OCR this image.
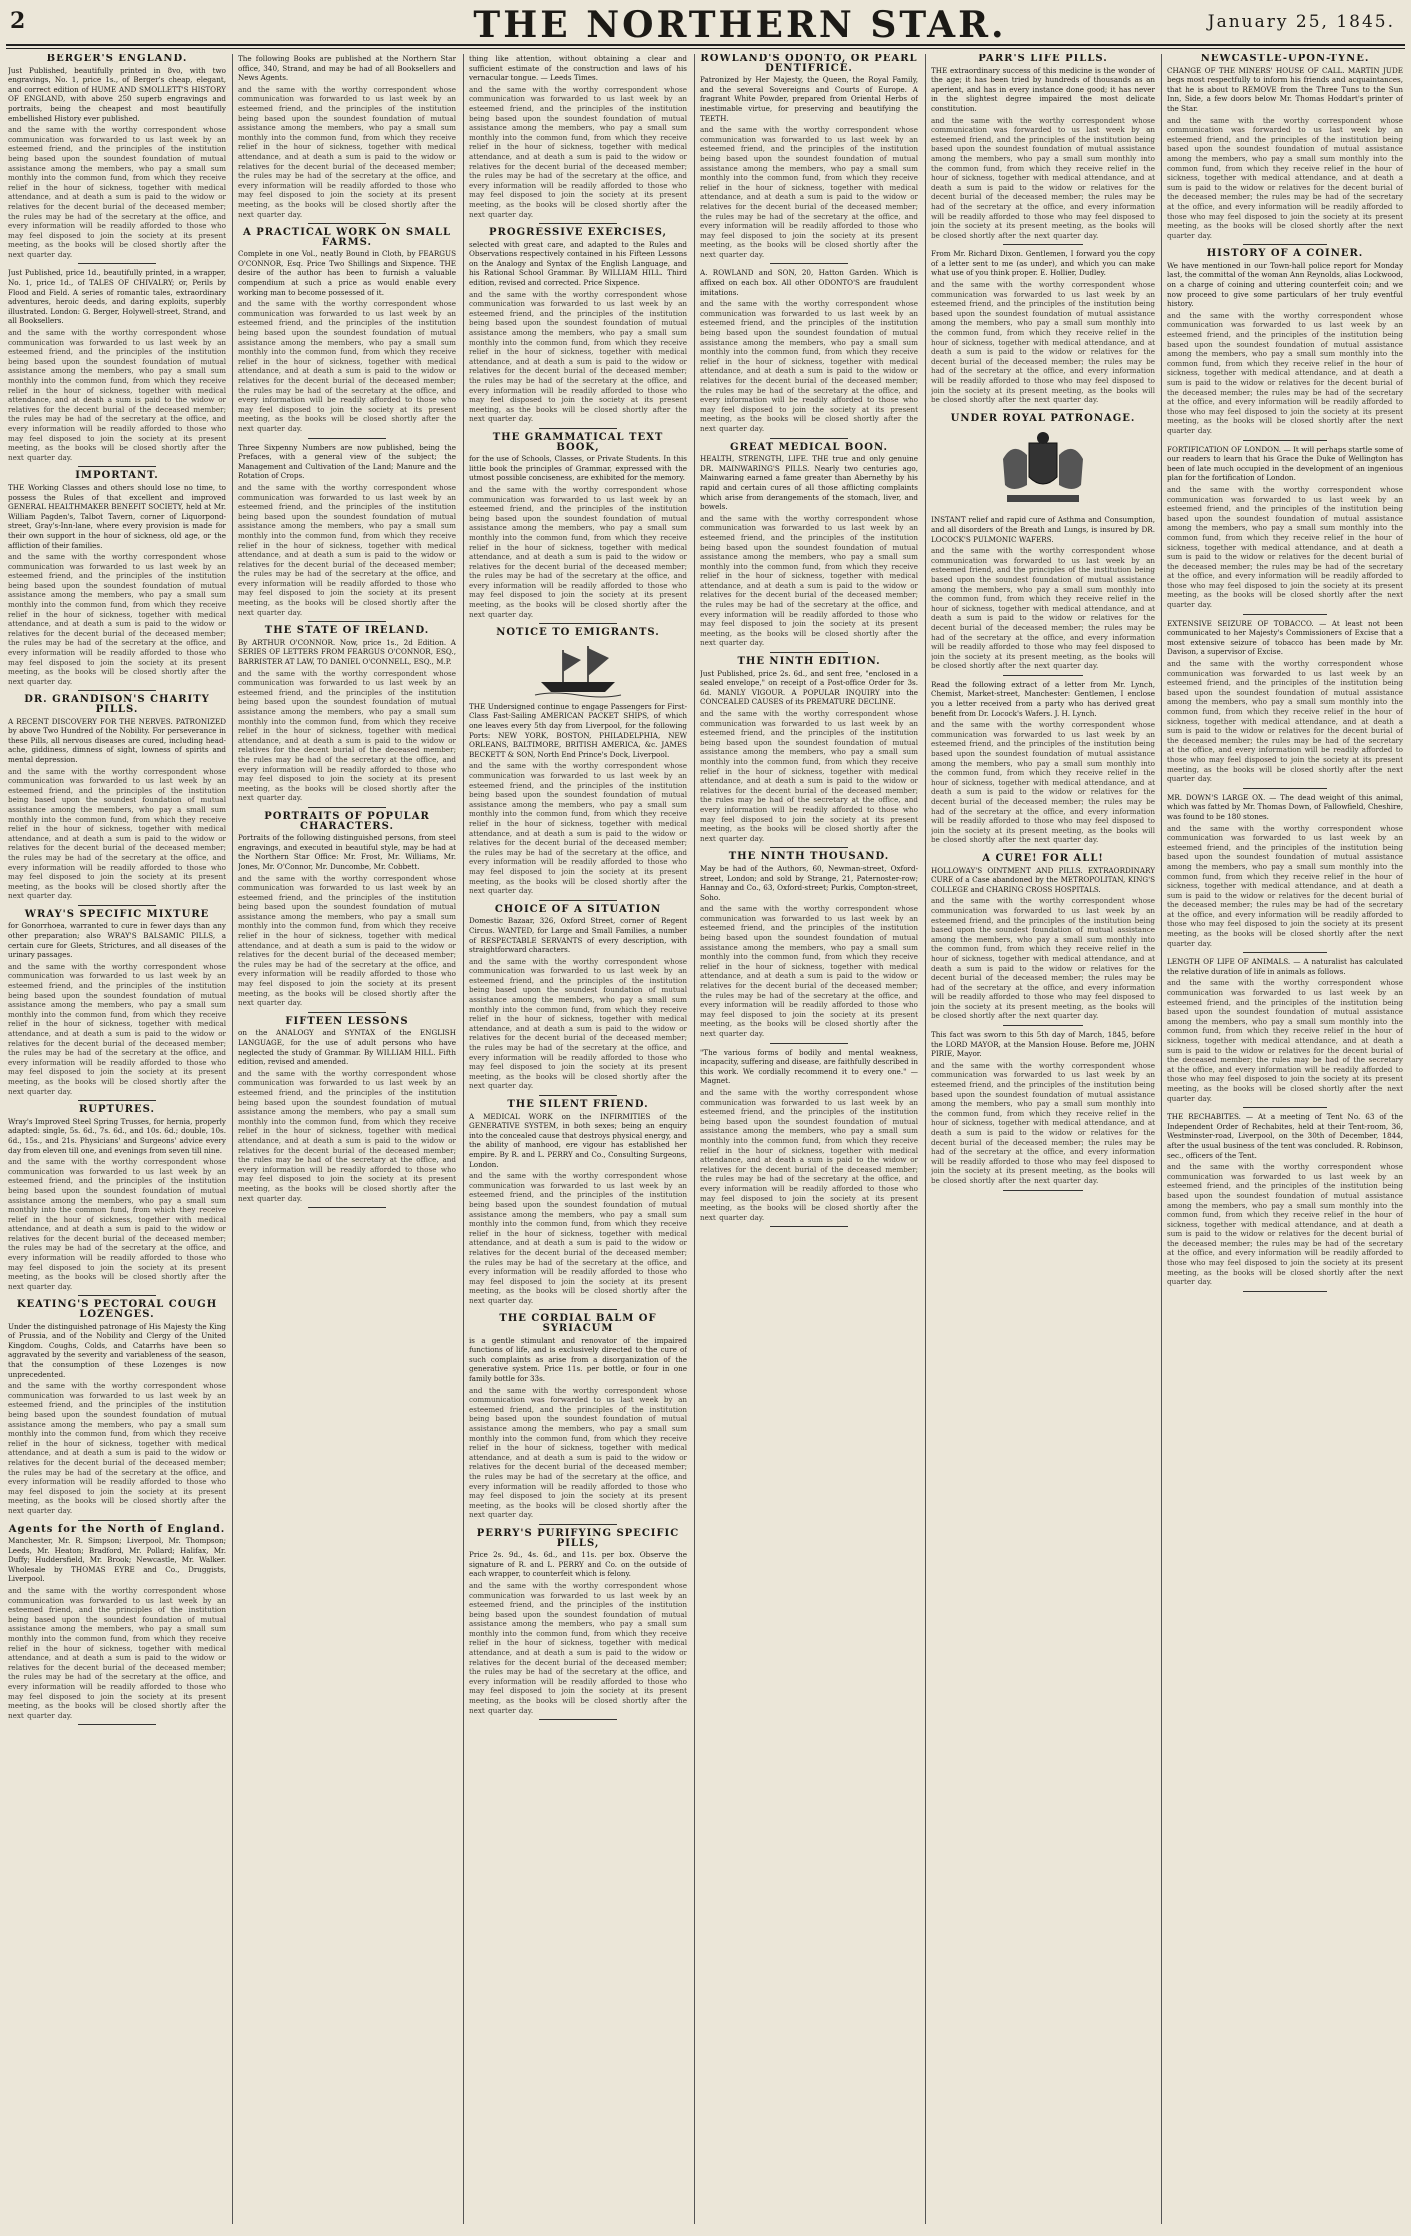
2	THE NORTHERN STAR.	January 25, 1845.
BERGER'S ENGLAND.

Just Published, beautifully printed in 8vo, with two engravings, No. 1, price 1s., of Berger's cheap, elegant, and correct edition of HUME AND SMOLLETT'S HISTORY OF ENGLAND, with above 250 superb engravings and portraits, being the cheapest and most beautifully embellished History ever published.

and the same with the worthy correspondent whose communication was forwarded to us last week by an esteemed friend, and the principles of the institution being based upon the soundest foundation of mutual assistance among the members, who pay a small sum monthly into the common fund, from which they receive relief in the hour of sickness, together with medical attendance, and at death a sum is paid to the widow or relatives for the decent burial of the deceased member; the rules may be had of the secretary at the office, and every information will be readily afforded to those who may feel disposed to join the society at its present meeting, as the books will be closed shortly after the next quarter day.

Just Published, price 1d., beautifully printed, in a wrapper, No. 1, price 1d., of TALES OF CHIVALRY; or, Perils by Flood and Field. A series of romantic tales, extraordinary adventures, heroic deeds, and daring exploits, superbly illustrated. London: G. Berger, Holywell-street, Strand, and all Booksellers.

and the same with the worthy correspondent whose communication was forwarded to us last week by an esteemed friend, and the principles of the institution being based upon the soundest foundation of mutual assistance among the members, who pay a small sum monthly into the common fund, from which they receive relief in the hour of sickness, together with medical attendance, and at death a sum is paid to the widow or relatives for the decent burial of the deceased member; the rules may be had of the secretary at the office, and every information will be readily afforded to those who may feel disposed to join the society at its present meeting, as the books will be closed shortly after the next quarter day.

IMPORTANT.

THE Working Classes and others should lose no time, to possess the Rules of that excellent and improved GENERAL HEALTHMAKER BENEFIT SOCIETY, held at Mr. William Pagden's, Talbot Tavern, corner of Liquorpond-street, Gray's-Inn-lane, where every provision is made for their own support in the hour of sickness, old age, or the affliction of their families.

and the same with the worthy correspondent whose communication was forwarded to us last week by an esteemed friend, and the principles of the institution being based upon the soundest foundation of mutual assistance among the members, who pay a small sum monthly into the common fund, from which they receive relief in the hour of sickness, together with medical attendance, and at death a sum is paid to the widow or relatives for the decent burial of the deceased member; the rules may be had of the secretary at the office, and every information will be readily afforded to those who may feel disposed to join the society at its present meeting, as the books will be closed shortly after the next quarter day.

DR. GRANDISON'S CHARITY PILLS.

A RECENT DISCOVERY FOR THE NERVES. PATRONIZED by above Two Hundred of the Nobility. For perseverance in these Pills, all nervous diseases are cured, including head-ache, giddiness, dimness of sight, lowness of spirits and mental depression.

and the same with the worthy correspondent whose communication was forwarded to us last week by an esteemed friend, and the principles of the institution being based upon the soundest foundation of mutual assistance among the members, who pay a small sum monthly into the common fund, from which they receive relief in the hour of sickness, together with medical attendance, and at death a sum is paid to the widow or relatives for the decent burial of the deceased member; the rules may be had of the secretary at the office, and every information will be readily afforded to those who may feel disposed to join the society at its present meeting, as the books will be closed shortly after the next quarter day.

WRAY'S SPECIFIC MIXTURE

for Gonorrhoea, warranted to cure in fewer days than any other preparation; also WRAY'S BALSAMIC PILLS, a certain cure for Gleets, Strictures, and all diseases of the urinary passages.

and the same with the worthy correspondent whose communication was forwarded to us last week by an esteemed friend, and the principles of the institution being based upon the soundest foundation of mutual assistance among the members, who pay a small sum monthly into the common fund, from which they receive relief in the hour of sickness, together with medical attendance, and at death a sum is paid to the widow or relatives for the decent burial of the deceased member; the rules may be had of the secretary at the office, and every information will be readily afforded to those who may feel disposed to join the society at its present meeting, as the books will be closed shortly after the next quarter day.

RUPTURES.

Wray's Improved Steel Spring Trusses, for hernia, properly adapted: single, 5s. 6d., 7s. 6d., and 10s. 6d.; double, 10s. 6d., 15s., and 21s. Physicians' and Surgeons' advice every day from eleven till one, and evenings from seven till nine.

and the same with the worthy correspondent whose communication was forwarded to us last week by an esteemed friend, and the principles of the institution being based upon the soundest foundation of mutual assistance among the members, who pay a small sum monthly into the common fund, from which they receive relief in the hour of sickness, together with medical attendance, and at death a sum is paid to the widow or relatives for the decent burial of the deceased member; the rules may be had of the secretary at the office, and every information will be readily afforded to those who may feel disposed to join the society at its present meeting, as the books will be closed shortly after the next quarter day.

KEATING'S PECTORAL COUGH LOZENGES.

Under the distinguished patronage of His Majesty the King of Prussia, and of the Nobility and Clergy of the United Kingdom. Coughs, Colds, and Catarrhs have been so aggravated by the severity and variableness of the season, that the consumption of these Lozenges is now unprecedented.

and the same with the worthy correspondent whose communication was forwarded to us last week by an esteemed friend, and the principles of the institution being based upon the soundest foundation of mutual assistance among the members, who pay a small sum monthly into the common fund, from which they receive relief in the hour of sickness, together with medical attendance, and at death a sum is paid to the widow or relatives for the decent burial of the deceased member; the rules may be had of the secretary at the office, and every information will be readily afforded to those who may feel disposed to join the society at its present meeting, as the books will be closed shortly after the next quarter day.

Agents for the North of England.

Manchester, Mr. R. Simpson; Liverpool, Mr. Thompson; Leeds, Mr. Heaton; Bradford, Mr. Pollard; Halifax, Mr. Duffy; Huddersfield, Mr. Brook; Newcastle, Mr. Walker. Wholesale by THOMAS EYRE and Co., Druggists, Liverpool.

and the same with the worthy correspondent whose communication was forwarded to us last week by an esteemed friend, and the principles of the institution being based upon the soundest foundation of mutual assistance among the members, who pay a small sum monthly into the common fund, from which they receive relief in the hour of sickness, together with medical attendance, and at death a sum is paid to the widow or relatives for the decent burial of the deceased member; the rules may be had of the secretary at the office, and every information will be readily afforded to those who may feel disposed to join the society at its present meeting, as the books will be closed shortly after the next quarter day.

The following Books are published at the Northern Star office, 340, Strand, and may be had of all Booksellers and News Agents.

and the same with the worthy correspondent whose communication was forwarded to us last week by an esteemed friend, and the principles of the institution being based upon the soundest foundation of mutual assistance among the members, who pay a small sum monthly into the common fund, from which they receive relief in the hour of sickness, together with medical attendance, and at death a sum is paid to the widow or relatives for the decent burial of the deceased member; the rules may be had of the secretary at the office, and every information will be readily afforded to those who may feel disposed to join the society at its present meeting, as the books will be closed shortly after the next quarter day.

A PRACTICAL WORK ON SMALL FARMS.

Complete in one Vol., neatly Bound in Cloth, by FEARGUS O'CONNOR, Esq. Price Two Shillings and Sixpence. THE desire of the author has been to furnish a valuable compendium at such a price as would enable every working man to become possessed of it.

and the same with the worthy correspondent whose communication was forwarded to us last week by an esteemed friend, and the principles of the institution being based upon the soundest foundation of mutual assistance among the members, who pay a small sum monthly into the common fund, from which they receive relief in the hour of sickness, together with medical attendance, and at death a sum is paid to the widow or relatives for the decent burial of the deceased member; the rules may be had of the secretary at the office, and every information will be readily afforded to those who may feel disposed to join the society at its present meeting, as the books will be closed shortly after the next quarter day.

Three Sixpenny Numbers are now published, being the Prefaces, with a general view of the subject; the Management and Cultivation of the Land; Manure and the Rotation of Crops.

and the same with the worthy correspondent whose communication was forwarded to us last week by an esteemed friend, and the principles of the institution being based upon the soundest foundation of mutual assistance among the members, who pay a small sum monthly into the common fund, from which they receive relief in the hour of sickness, together with medical attendance, and at death a sum is paid to the widow or relatives for the decent burial of the deceased member; the rules may be had of the secretary at the office, and every information will be readily afforded to those who may feel disposed to join the society at its present meeting, as the books will be closed shortly after the next quarter day.

THE STATE OF IRELAND.

By ARTHUR O'CONNOR. Now, price 1s., 2d Edition. A SERIES OF LETTERS FROM FEARGUS O'CONNOR, ESQ., BARRISTER AT LAW, TO DANIEL O'CONNELL, ESQ., M.P.

and the same with the worthy correspondent whose communication was forwarded to us last week by an esteemed friend, and the principles of the institution being based upon the soundest foundation of mutual assistance among the members, who pay a small sum monthly into the common fund, from which they receive relief in the hour of sickness, together with medical attendance, and at death a sum is paid to the widow or relatives for the decent burial of the deceased member; the rules may be had of the secretary at the office, and every information will be readily afforded to those who may feel disposed to join the society at its present meeting, as the books will be closed shortly after the next quarter day.

PORTRAITS OF POPULAR CHARACTERS.

Portraits of the following distinguished persons, from steel engravings, and executed in beautiful style, may be had at the Northern Star Office: Mr. Frost, Mr. Williams, Mr. Jones, Mr. O'Connor, Mr. Duncombe, Mr. Cobbett.

and the same with the worthy correspondent whose communication was forwarded to us last week by an esteemed friend, and the principles of the institution being based upon the soundest foundation of mutual assistance among the members, who pay a small sum monthly into the common fund, from which they receive relief in the hour of sickness, together with medical attendance, and at death a sum is paid to the widow or relatives for the decent burial of the deceased member; the rules may be had of the secretary at the office, and every information will be readily afforded to those who may feel disposed to join the society at its present meeting, as the books will be closed shortly after the next quarter day.

FIFTEEN LESSONS

on the ANALOGY and SYNTAX of the ENGLISH LANGUAGE, for the use of adult persons who have neglected the study of Grammar. By WILLIAM HILL. Fifth edition, revised and amended.

and the same with the worthy correspondent whose communication was forwarded to us last week by an esteemed friend, and the principles of the institution being based upon the soundest foundation of mutual assistance among the members, who pay a small sum monthly into the common fund, from which they receive relief in the hour of sickness, together with medical attendance, and at death a sum is paid to the widow or relatives for the decent burial of the deceased member; the rules may be had of the secretary at the office, and every information will be readily afforded to those who may feel disposed to join the society at its present meeting, as the books will be closed shortly after the next quarter day.

thing like attention, without obtaining a clear and sufficient estimate of the construction and laws of his vernacular tongue. — Leeds Times.

and the same with the worthy correspondent whose communication was forwarded to us last week by an esteemed friend, and the principles of the institution being based upon the soundest foundation of mutual assistance among the members, who pay a small sum monthly into the common fund, from which they receive relief in the hour of sickness, together with medical attendance, and at death a sum is paid to the widow or relatives for the decent burial of the deceased member; the rules may be had of the secretary at the office, and every information will be readily afforded to those who may feel disposed to join the society at its present meeting, as the books will be closed shortly after the next quarter day.

PROGRESSIVE EXERCISES,

selected with great care, and adapted to the Rules and Observations respectively contained in his Fifteen Lessons on the Analogy and Syntax of the English Language, and his Rational School Grammar. By WILLIAM HILL. Third edition, revised and corrected. Price Sixpence.

and the same with the worthy correspondent whose communication was forwarded to us last week by an esteemed friend, and the principles of the institution being based upon the soundest foundation of mutual assistance among the members, who pay a small sum monthly into the common fund, from which they receive relief in the hour of sickness, together with medical attendance, and at death a sum is paid to the widow or relatives for the decent burial of the deceased member; the rules may be had of the secretary at the office, and every information will be readily afforded to those who may feel disposed to join the society at its present meeting, as the books will be closed shortly after the next quarter day.

THE GRAMMATICAL TEXT BOOK,

for the use of Schools, Classes, or Private Students. In this little book the principles of Grammar, expressed with the utmost possible conciseness, are exhibited for the memory.

and the same with the worthy correspondent whose communication was forwarded to us last week by an esteemed friend, and the principles of the institution being based upon the soundest foundation of mutual assistance among the members, who pay a small sum monthly into the common fund, from which they receive relief in the hour of sickness, together with medical attendance, and at death a sum is paid to the widow or relatives for the decent burial of the deceased member; the rules may be had of the secretary at the office, and every information will be readily afforded to those who may feel disposed to join the society at its present meeting, as the books will be closed shortly after the next quarter day.

NOTICE TO EMIGRANTS.

THE Undersigned continue to engage Passengers for First-Class Fast-Sailing AMERICAN PACKET SHIPS, of which one leaves every 5th day from Liverpool, for the following Ports: NEW YORK, BOSTON, PHILADELPHIA, NEW ORLEANS, BALTIMORE, BRITISH AMERICA, &c. JAMES BECKETT & SON, North End Prince's Dock, Liverpool.

and the same with the worthy correspondent whose communication was forwarded to us last week by an esteemed friend, and the principles of the institution being based upon the soundest foundation of mutual assistance among the members, who pay a small sum monthly into the common fund, from which they receive relief in the hour of sickness, together with medical attendance, and at death a sum is paid to the widow or relatives for the decent burial of the deceased member; the rules may be had of the secretary at the office, and every information will be readily afforded to those who may feel disposed to join the society at its present meeting, as the books will be closed shortly after the next quarter day.

CHOICE OF A SITUATION

Domestic Bazaar, 326, Oxford Street, corner of Regent Circus. WANTED, for Large and Small Families, a number of RESPECTABLE SERVANTS of every description, with straightforward characters.

and the same with the worthy correspondent whose communication was forwarded to us last week by an esteemed friend, and the principles of the institution being based upon the soundest foundation of mutual assistance among the members, who pay a small sum monthly into the common fund, from which they receive relief in the hour of sickness, together with medical attendance, and at death a sum is paid to the widow or relatives for the decent burial of the deceased member; the rules may be had of the secretary at the office, and every information will be readily afforded to those who may feel disposed to join the society at its present meeting, as the books will be closed shortly after the next quarter day.

THE SILENT FRIEND.

A MEDICAL WORK on the INFIRMITIES of the GENERATIVE SYSTEM, in both sexes; being an enquiry into the concealed cause that destroys physical energy, and the ability of manhood, ere vigour has established her empire. By R. and L. PERRY and Co., Consulting Surgeons, London.

and the same with the worthy correspondent whose communication was forwarded to us last week by an esteemed friend, and the principles of the institution being based upon the soundest foundation of mutual assistance among the members, who pay a small sum monthly into the common fund, from which they receive relief in the hour of sickness, together with medical attendance, and at death a sum is paid to the widow or relatives for the decent burial of the deceased member; the rules may be had of the secretary at the office, and every information will be readily afforded to those who may feel disposed to join the society at its present meeting, as the books will be closed shortly after the next quarter day.

THE CORDIAL BALM OF SYRIACUM

is a gentle stimulant and renovator of the impaired functions of life, and is exclusively directed to the cure of such complaints as arise from a disorganization of the generative system. Price 11s. per bottle, or four in one family bottle for 33s.

and the same with the worthy correspondent whose communication was forwarded to us last week by an esteemed friend, and the principles of the institution being based upon the soundest foundation of mutual assistance among the members, who pay a small sum monthly into the common fund, from which they receive relief in the hour of sickness, together with medical attendance, and at death a sum is paid to the widow or relatives for the decent burial of the deceased member; the rules may be had of the secretary at the office, and every information will be readily afforded to those who may feel disposed to join the society at its present meeting, as the books will be closed shortly after the next quarter day.

PERRY'S PURIFYING SPECIFIC PILLS,

Price 2s. 9d., 4s. 6d., and 11s. per box. Observe the signature of R. and L. PERRY and Co. on the outside of each wrapper, to counterfeit which is felony.

and the same with the worthy correspondent whose communication was forwarded to us last week by an esteemed friend, and the principles of the institution being based upon the soundest foundation of mutual assistance among the members, who pay a small sum monthly into the common fund, from which they receive relief in the hour of sickness, together with medical attendance, and at death a sum is paid to the widow or relatives for the decent burial of the deceased member; the rules may be had of the secretary at the office, and every information will be readily afforded to those who may feel disposed to join the society at its present meeting, as the books will be closed shortly after the next quarter day.

ROWLAND'S ODONTO, OR PEARL DENTIFRICE.

Patronized by Her Majesty, the Queen, the Royal Family, and the several Sovereigns and Courts of Europe. A fragrant White Powder, prepared from Oriental Herbs of inestimable virtue, for preserving and beautifying the TEETH.

and the same with the worthy correspondent whose communication was forwarded to us last week by an esteemed friend, and the principles of the institution being based upon the soundest foundation of mutual assistance among the members, who pay a small sum monthly into the common fund, from which they receive relief in the hour of sickness, together with medical attendance, and at death a sum is paid to the widow or relatives for the decent burial of the deceased member; the rules may be had of the secretary at the office, and every information will be readily afforded to those who may feel disposed to join the society at its present meeting, as the books will be closed shortly after the next quarter day.

A. ROWLAND and SON, 20, Hatton Garden. Which is affixed on each box. All other ODONTO'S are fraudulent imitations.

and the same with the worthy correspondent whose communication was forwarded to us last week by an esteemed friend, and the principles of the institution being based upon the soundest foundation of mutual assistance among the members, who pay a small sum monthly into the common fund, from which they receive relief in the hour of sickness, together with medical attendance, and at death a sum is paid to the widow or relatives for the decent burial of the deceased member; the rules may be had of the secretary at the office, and every information will be readily afforded to those who may feel disposed to join the society at its present meeting, as the books will be closed shortly after the next quarter day.

GREAT MEDICAL BOON.

HEALTH, STRENGTH, LIFE. THE true and only genuine DR. MAINWARING'S PILLS. Nearly two centuries ago, Mainwaring earned a fame greater than Abernethy by his rapid and certain cures of all those afflicting complaints which arise from derangements of the stomach, liver, and bowels.

and the same with the worthy correspondent whose communication was forwarded to us last week by an esteemed friend, and the principles of the institution being based upon the soundest foundation of mutual assistance among the members, who pay a small sum monthly into the common fund, from which they receive relief in the hour of sickness, together with medical attendance, and at death a sum is paid to the widow or relatives for the decent burial of the deceased member; the rules may be had of the secretary at the office, and every information will be readily afforded to those who may feel disposed to join the society at its present meeting, as the books will be closed shortly after the next quarter day.

THE NINTH EDITION.

Just Published, price 2s. 6d., and sent free, "enclosed in a sealed envelope," on receipt of a Post-office Order for 3s. 6d. MANLY VIGOUR. A POPULAR INQUIRY into the CONCEALED CAUSES of its PREMATURE DECLINE.

and the same with the worthy correspondent whose communication was forwarded to us last week by an esteemed friend, and the principles of the institution being based upon the soundest foundation of mutual assistance among the members, who pay a small sum monthly into the common fund, from which they receive relief in the hour of sickness, together with medical attendance, and at death a sum is paid to the widow or relatives for the decent burial of the deceased member; the rules may be had of the secretary at the office, and every information will be readily afforded to those who may feel disposed to join the society at its present meeting, as the books will be closed shortly after the next quarter day.

THE NINTH THOUSAND.

May be had of the Authors, 60, Newman-street, Oxford-street, London; and sold by Strange, 21, Paternoster-row; Hannay and Co., 63, Oxford-street; Purkis, Compton-street, Soho.

and the same with the worthy correspondent whose communication was forwarded to us last week by an esteemed friend, and the principles of the institution being based upon the soundest foundation of mutual assistance among the members, who pay a small sum monthly into the common fund, from which they receive relief in the hour of sickness, together with medical attendance, and at death a sum is paid to the widow or relatives for the decent burial of the deceased member; the rules may be had of the secretary at the office, and every information will be readily afforded to those who may feel disposed to join the society at its present meeting, as the books will be closed shortly after the next quarter day.

"The various forms of bodily and mental weakness, incapacity, suffering and disease, are faithfully described in this work. We cordially recommend it to every one." — Magnet.

and the same with the worthy correspondent whose communication was forwarded to us last week by an esteemed friend, and the principles of the institution being based upon the soundest foundation of mutual assistance among the members, who pay a small sum monthly into the common fund, from which they receive relief in the hour of sickness, together with medical attendance, and at death a sum is paid to the widow or relatives for the decent burial of the deceased member; the rules may be had of the secretary at the office, and every information will be readily afforded to those who may feel disposed to join the society at its present meeting, as the books will be closed shortly after the next quarter day.

PARR'S LIFE PILLS.

THE extraordinary success of this medicine is the wonder of the age; it has been tried by hundreds of thousands as an aperient, and has in every instance done good; it has never in the slightest degree impaired the most delicate constitution.

and the same with the worthy correspondent whose communication was forwarded to us last week by an esteemed friend, and the principles of the institution being based upon the soundest foundation of mutual assistance among the members, who pay a small sum monthly into the common fund, from which they receive relief in the hour of sickness, together with medical attendance, and at death a sum is paid to the widow or relatives for the decent burial of the deceased member; the rules may be had of the secretary at the office, and every information will be readily afforded to those who may feel disposed to join the society at its present meeting, as the books will be closed shortly after the next quarter day.

From Mr. Richard Dixon. Gentlemen, I forward you the copy of a letter sent to me (as under), and which you can make what use of you think proper. E. Hollier, Dudley.

and the same with the worthy correspondent whose communication was forwarded to us last week by an esteemed friend, and the principles of the institution being based upon the soundest foundation of mutual assistance among the members, who pay a small sum monthly into the common fund, from which they receive relief in the hour of sickness, together with medical attendance, and at death a sum is paid to the widow or relatives for the decent burial of the deceased member; the rules may be had of the secretary at the office, and every information will be readily afforded to those who may feel disposed to join the society at its present meeting, as the books will be closed shortly after the next quarter day.

UNDER ROYAL PATRONAGE.

INSTANT relief and rapid cure of Asthma and Consumption, and all disorders of the Breath and Lungs, is insured by DR. LOCOCK'S PULMONIC WAFERS.

and the same with the worthy correspondent whose communication was forwarded to us last week by an esteemed friend, and the principles of the institution being based upon the soundest foundation of mutual assistance among the members, who pay a small sum monthly into the common fund, from which they receive relief in the hour of sickness, together with medical attendance, and at death a sum is paid to the widow or relatives for the decent burial of the deceased member; the rules may be had of the secretary at the office, and every information will be readily afforded to those who may feel disposed to join the society at its present meeting, as the books will be closed shortly after the next quarter day.

Read the following extract of a letter from Mr. Lynch, Chemist, Market-street, Manchester: Gentlemen, I enclose you a letter received from a party who has derived great benefit from Dr. Locock's Wafers. J. H. Lynch.

and the same with the worthy correspondent whose communication was forwarded to us last week by an esteemed friend, and the principles of the institution being based upon the soundest foundation of mutual assistance among the members, who pay a small sum monthly into the common fund, from which they receive relief in the hour of sickness, together with medical attendance, and at death a sum is paid to the widow or relatives for the decent burial of the deceased member; the rules may be had of the secretary at the office, and every information will be readily afforded to those who may feel disposed to join the society at its present meeting, as the books will be closed shortly after the next quarter day.

A CURE! FOR ALL!

HOLLOWAY'S OINTMENT AND PILLS. EXTRAORDINARY CURE of a Case abandoned by the METROPOLITAN, KING'S COLLEGE and CHARING CROSS HOSPITALS.

and the same with the worthy correspondent whose communication was forwarded to us last week by an esteemed friend, and the principles of the institution being based upon the soundest foundation of mutual assistance among the members, who pay a small sum monthly into the common fund, from which they receive relief in the hour of sickness, together with medical attendance, and at death a sum is paid to the widow or relatives for the decent burial of the deceased member; the rules may be had of the secretary at the office, and every information will be readily afforded to those who may feel disposed to join the society at its present meeting, as the books will be closed shortly after the next quarter day.

This fact was sworn to this 5th day of March, 1845, before the LORD MAYOR, at the Mansion House. Before me, JOHN PIRIE, Mayor.

and the same with the worthy correspondent whose communication was forwarded to us last week by an esteemed friend, and the principles of the institution being based upon the soundest foundation of mutual assistance among the members, who pay a small sum monthly into the common fund, from which they receive relief in the hour of sickness, together with medical attendance, and at death a sum is paid to the widow or relatives for the decent burial of the deceased member; the rules may be had of the secretary at the office, and every information will be readily afforded to those who may feel disposed to join the society at its present meeting, as the books will be closed shortly after the next quarter day.

NEWCASTLE-UPON-TYNE.

CHANGE OF THE MINERS' HOUSE OF CALL. MARTIN JUDE begs most respectfully to inform his friends and acquaintances, that he is about to REMOVE from the Three Tuns to the Sun Inn, Side, a few doors below Mr. Thomas Hoddart's printer of the Star.

and the same with the worthy correspondent whose communication was forwarded to us last week by an esteemed friend, and the principles of the institution being based upon the soundest foundation of mutual assistance among the members, who pay a small sum monthly into the common fund, from which they receive relief in the hour of sickness, together with medical attendance, and at death a sum is paid to the widow or relatives for the decent burial of the deceased member; the rules may be had of the secretary at the office, and every information will be readily afforded to those who may feel disposed to join the society at its present meeting, as the books will be closed shortly after the next quarter day.

HISTORY OF A COINER.

We have mentioned in our Town-hall police report for Monday last, the committal of the woman Ann Reynolds, alias Lockwood, on a charge of coining and uttering counterfeit coin; and we now proceed to give some particulars of her truly eventful history.

and the same with the worthy correspondent whose communication was forwarded to us last week by an esteemed friend, and the principles of the institution being based upon the soundest foundation of mutual assistance among the members, who pay a small sum monthly into the common fund, from which they receive relief in the hour of sickness, together with medical attendance, and at death a sum is paid to the widow or relatives for the decent burial of the deceased member; the rules may be had of the secretary at the office, and every information will be readily afforded to those who may feel disposed to join the society at its present meeting, as the books will be closed shortly after the next quarter day.

FORTIFICATION OF LONDON. — It will perhaps startle some of our readers to learn that his Grace the Duke of Wellington has been of late much occupied in the development of an ingenious plan for the fortification of London.

and the same with the worthy correspondent whose communication was forwarded to us last week by an esteemed friend, and the principles of the institution being based upon the soundest foundation of mutual assistance among the members, who pay a small sum monthly into the common fund, from which they receive relief in the hour of sickness, together with medical attendance, and at death a sum is paid to the widow or relatives for the decent burial of the deceased member; the rules may be had of the secretary at the office, and every information will be readily afforded to those who may feel disposed to join the society at its present meeting, as the books will be closed shortly after the next quarter day.

EXTENSIVE SEIZURE OF TOBACCO. — At least not been communicated to her Majesty's Commissioners of Excise that a most extensive seizure of tobacco has been made by Mr. Davison, a supervisor of Excise.

and the same with the worthy correspondent whose communication was forwarded to us last week by an esteemed friend, and the principles of the institution being based upon the soundest foundation of mutual assistance among the members, who pay a small sum monthly into the common fund, from which they receive relief in the hour of sickness, together with medical attendance, and at death a sum is paid to the widow or relatives for the decent burial of the deceased member; the rules may be had of the secretary at the office, and every information will be readily afforded to those who may feel disposed to join the society at its present meeting, as the books will be closed shortly after the next quarter day.

MR. DOWN'S LARGE OX. — The dead weight of this animal, which was fatted by Mr. Thomas Down, of Fallowfield, Cheshire, was found to be 180 stones.

and the same with the worthy correspondent whose communication was forwarded to us last week by an esteemed friend, and the principles of the institution being based upon the soundest foundation of mutual assistance among the members, who pay a small sum monthly into the common fund, from which they receive relief in the hour of sickness, together with medical attendance, and at death a sum is paid to the widow or relatives for the decent burial of the deceased member; the rules may be had of the secretary at the office, and every information will be readily afforded to those who may feel disposed to join the society at its present meeting, as the books will be closed shortly after the next quarter day.

LENGTH OF LIFE OF ANIMALS. — A naturalist has calculated the relative duration of life in animals as follows.

and the same with the worthy correspondent whose communication was forwarded to us last week by an esteemed friend, and the principles of the institution being based upon the soundest foundation of mutual assistance among the members, who pay a small sum monthly into the common fund, from which they receive relief in the hour of sickness, together with medical attendance, and at death a sum is paid to the widow or relatives for the decent burial of the deceased member; the rules may be had of the secretary at the office, and every information will be readily afforded to those who may feel disposed to join the society at its present meeting, as the books will be closed shortly after the next quarter day.

THE RECHABITES. — At a meeting of Tent No. 63 of the Independent Order of Rechabites, held at their Tent-room, 36, Westminster-road, Liverpool, on the 30th of December, 1844, after the usual business of the tent was concluded. R. Robinson, sec., officers of the Tent.

and the same with the worthy correspondent whose communication was forwarded to us last week by an esteemed friend, and the principles of the institution being based upon the soundest foundation of mutual assistance among the members, who pay a small sum monthly into the common fund, from which they receive relief in the hour of sickness, together with medical attendance, and at death a sum is paid to the widow or relatives for the decent burial of the deceased member; the rules may be had of the secretary at the office, and every information will be readily afforded to those who may feel disposed to join the society at its present meeting, as the books will be closed shortly after the next quarter day.
